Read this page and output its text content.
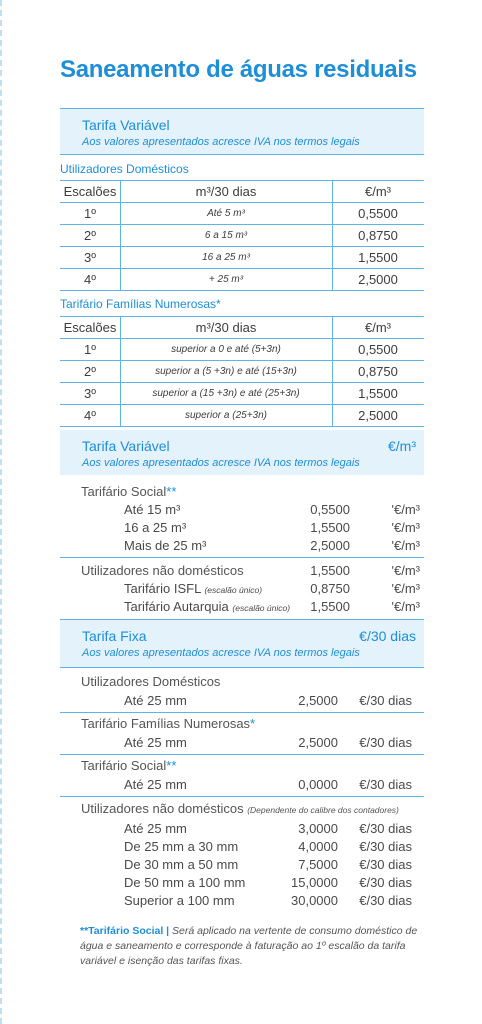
Saneamento de águas residuais
Tarifa Variável
Aos valores apresentados acresce IVA nos termos legais
Utilizadores Domésticos
Escalões	m³/30 dias	€/m³
1º	Até 5 m³	0,5500
2º	6 a 15 m³	0,8750
3º	16 a 25 m³	1,5500
4º	+ 25 m³	2,5000
Tarifário Famílias Numerosas*
Escalões	m³/30 dias	€/m³
1º	superior a 0 e até (5+3n)	0,5500
2º	superior a (5 +3n) e até (15+3n)	0,8750
3º	superior a (15 +3n) e até (25+3n)	1,5500
4º	superior a (25+3n)	2,5000
Tarifa Variável	€/m³
Aos valores apresentados acresce IVA nos termos legais
Tarifário Social**
Até 15 m³	0,5500	'€/m³
16 a 25 m³	1,5500	'€/m³
Mais de 25 m³	2,5000	'€/m³
Utilizadores não domésticos	1,5500	'€/m³
Tarifário ISFL (escalão único)	0,8750	'€/m³
Tarifário Autarquia (escalão único)	1,5500	'€/m³
Tarifa Fixa	€/30 dias
Aos valores apresentados acresce IVA nos termos legais
Utilizadores Domésticos
Até 25 mm	2,5000	€/30 dias
Tarifário Famílias Numerosas*
Até 25 mm	2,5000	€/30 dias
Tarifário Social**
Até 25 mm	0,0000	€/30 dias
Utilizadores não domésticos (Dependente do calibre dos contadores)
Até 25 mm	3,0000	€/30 dias
De 25 mm a 30 mm	4,0000	€/30 dias
De 30 mm a 50 mm	7,5000	€/30 dias
De 50 mm a 100 mm	15,0000	€/30 dias
Superior a 100 mm	30,0000	€/30 dias
**Tarifário Social | Será aplicado na vertente de consumo doméstico de água e saneamento e corresponde à faturação ao 1º escalão da tarifa variável e isenção das tarifas fixas.
